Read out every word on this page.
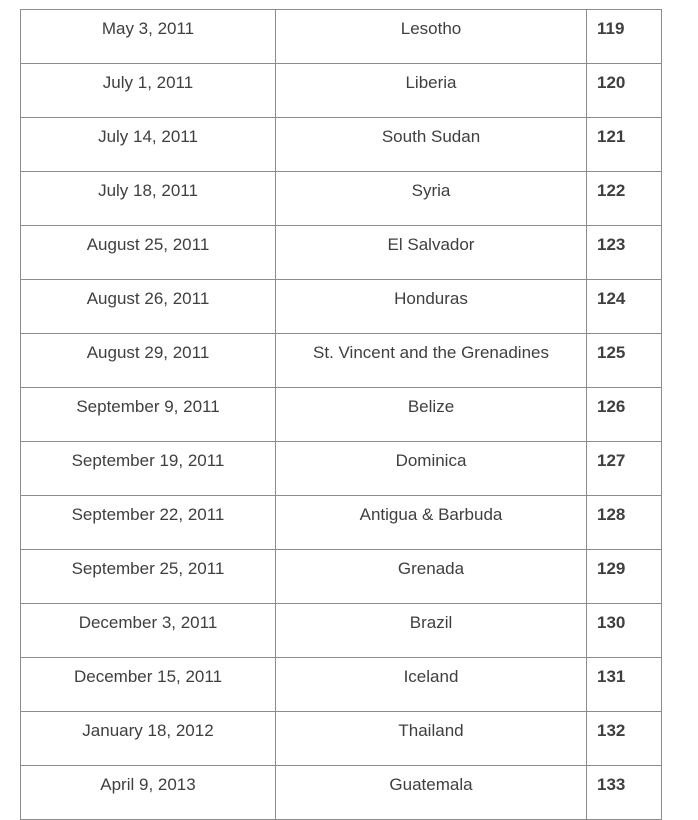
May 3, 2011	Lesotho	119

July 1, 2011	Liberia	120

July 14, 2011	South Sudan	121

July 18, 2011	Syria	122

August 25, 2011	El Salvador	123

August 26, 2011	Honduras	124

August 29, 2011	St. Vincent and the Grenadines	125

September 9, 2011	Belize	126

September 19, 2011	Dominica	127

September 22, 2011	Antigua & Barbuda	128

September 25, 2011	Grenada	129

December 3, 2011	Brazil	130

December 15, 2011	Iceland	131

January 18, 2012	Thailand	132

April 9, 2013	Guatemala	133
